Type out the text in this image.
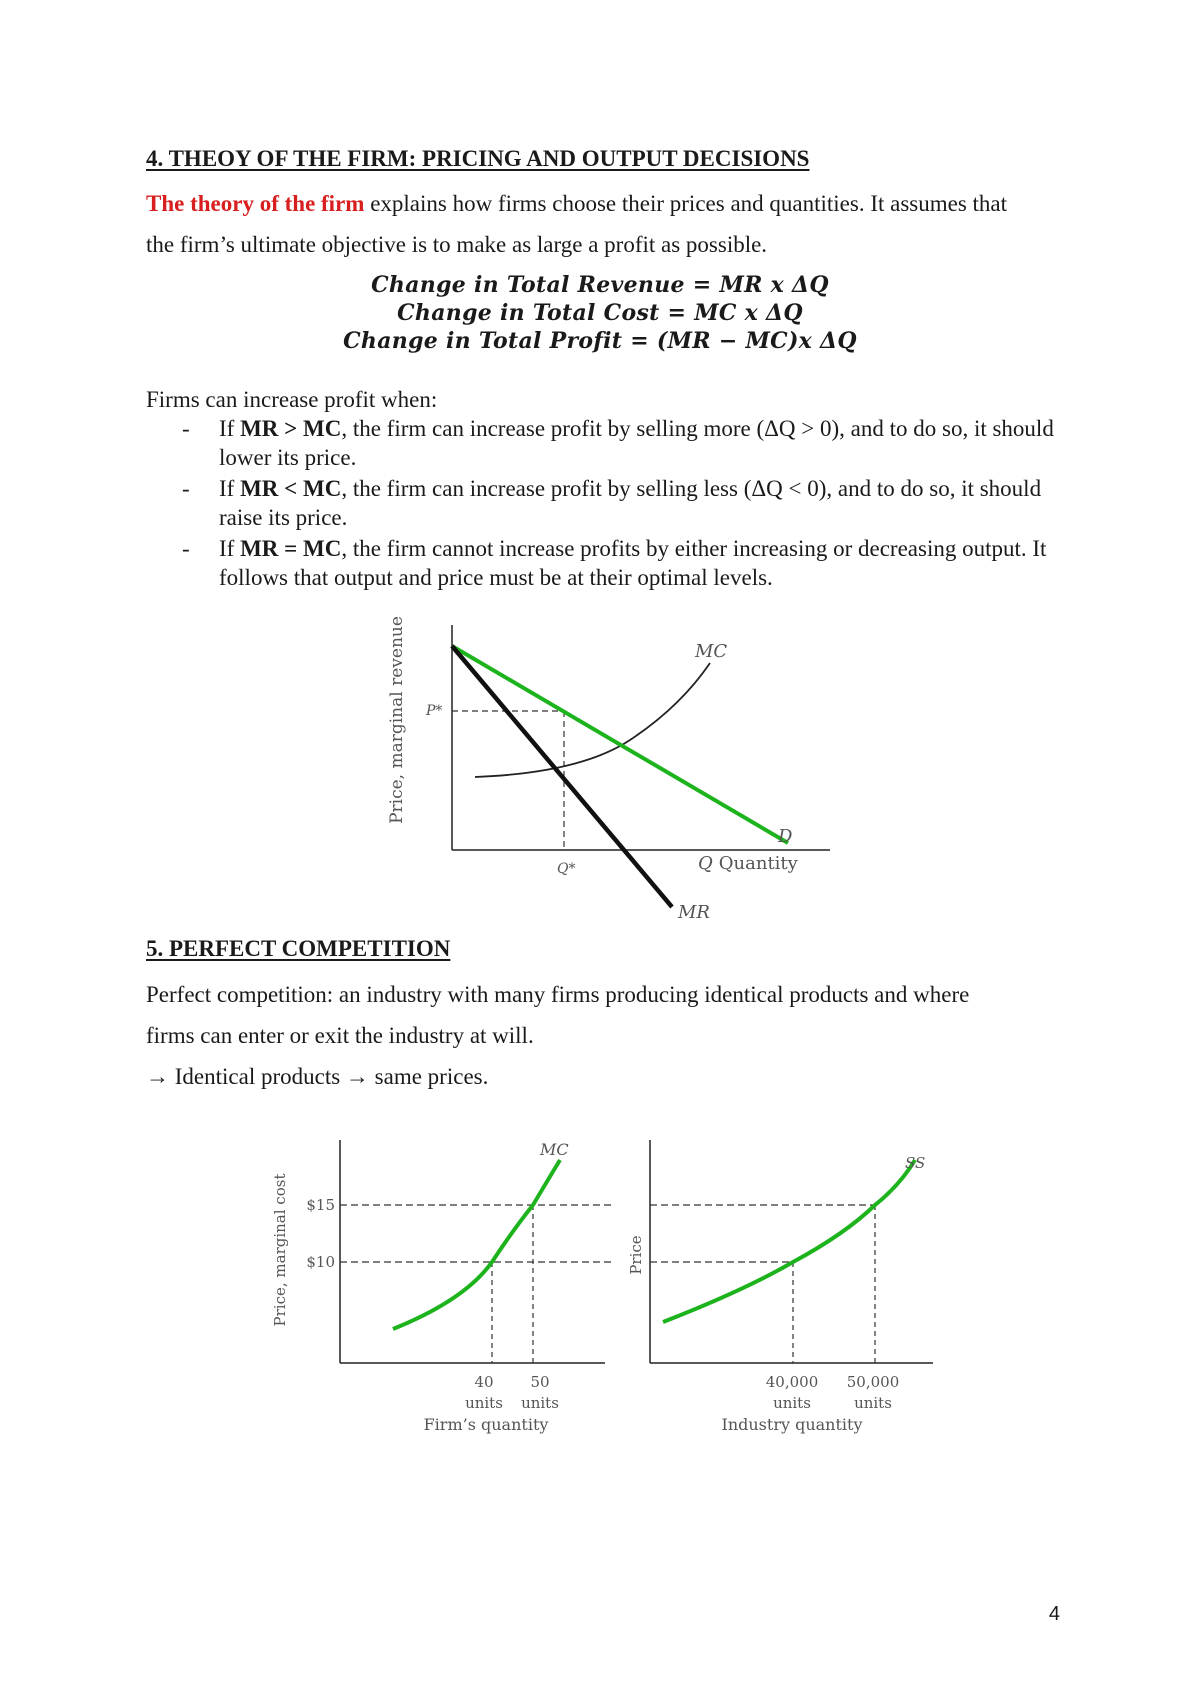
4. THEOY OF THE FIRM: PRICING AND OUTPUT DECISIONS
The theory of the firm explains how firms choose their prices and quantities. It assumes that
the firm’s ultimate objective is to make as large a profit as possible.
Change in Total Revenue = MR x ΔQ
Change in Total Cost = MC x ΔQ
Change in Total Profit = (MR − MC)x ΔQ
Firms can increase profit when:
- If MR > MC, the firm can increase profit by selling more (ΔQ > 0), and to do so, it should lower its price.
- If MR < MC, the firm can increase profit by selling less (ΔQ < 0), and to do so, it should raise its price.
- If MR = MC, the firm cannot increase profits by either increasing or decreasing output. It follows that output and price must be at their optimal levels.
Price, marginal revenue P*
Q*
MC
D
MR
Q Quantity
5. PERFECT COMPETITION
Perfect competition: an industry with many firms producing identical products and where
firms can enter or exit the industry at will.
→ Identical products → same prices.
Price, marginal cost $15
$10
MC
40 50
units units
Firm’s quantity
Price
SS
40,000 50,000
units	units
Industry quantity
4
